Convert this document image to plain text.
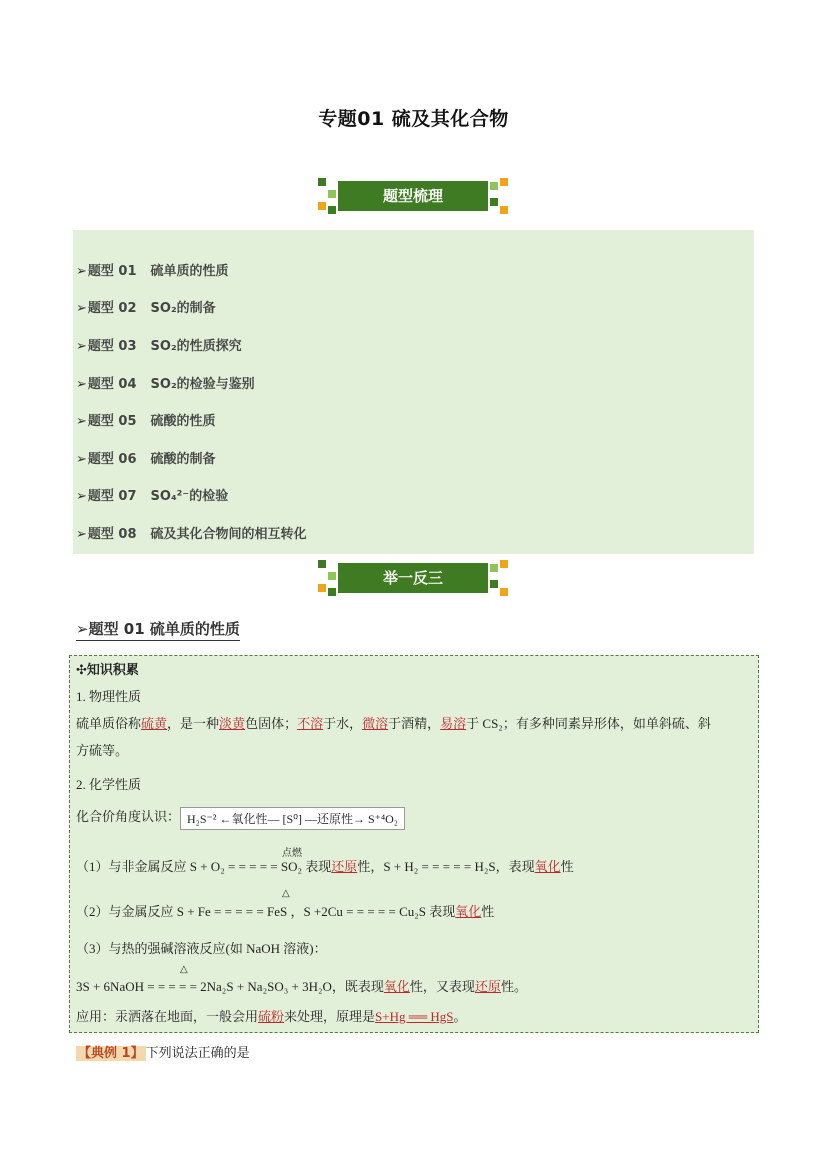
专题01 硫及其化合物
题型梳理
➢题型 01 硫单质的性质
➢题型 02 SO₂的制备
➢题型 03 SO₂的性质探究
➢题型 04 SO₂的检验与鉴别
➢题型 05 硫酸的性质
➢题型 06 硫酸的制备
➢题型 07 SO₄²⁻的检验
➢题型 08 硫及其化合物间的相互转化
举一反三
➢题型 01 硫单质的性质
✣知识积累
1. 物理性质
硫单质俗称硫黄，是一种淡黄色固体；不溶于水，微溶于酒精，易溶于 CS₂；有多种同素异形体，如单斜硫、斜
方硫等。
2. 化学性质
化合价角度认识： H₂S⁻² ←氧化性— [S⁰] —还原性→ S⁺⁴O₂
点燃
（1）与非金属反应 S + O₂ = = = = = SO₂ 表现还原性，S + H₂ = = = = = H₂S，表现氧化性
△
（2）与金属反应 S + Fe = = = = = FeS ，S +2Cu = = = = = Cu₂S 表现氧化性
（3）与热的强碱溶液反应(如 NaOH 溶液)：
△
3S + 6NaOH = = = = = 2Na₂S + Na₂SO₃ + 3H₂O，既表现氧化性，又表现还原性。
应用：汞洒落在地面，一般会用硫粉来处理，原理是S+Hg ══ HgS。
【典例 1】 下列说法正确的是
